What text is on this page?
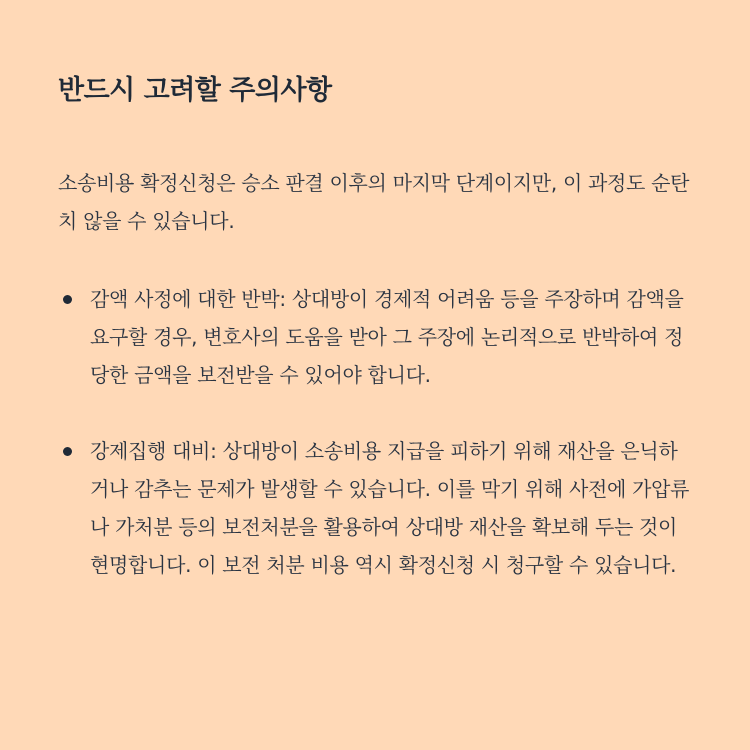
반드시 고려할 주의사항

소송비용 확정신청은 승소 판결 이후의 마지막 단계이지만, 이 과정도 순탄치 않을 수 있습니다.

감액 사정에 대한 반박: 상대방이 경제적 어려움 등을 주장하며 감액을 요구할 경우, 변호사의 도움을 받아 그 주장에 논리적으로 반박하여 정당한 금액을 보전받을 수 있어야 합니다.
강제집행 대비: 상대방이 소송비용 지급을 피하기 위해 재산을 은닉하거나 감추는 문제가 발생할 수 있습니다. 이를 막기 위해 사전에 가압류나 가처분 등의 보전처분을 활용하여 상대방 재산을 확보해 두는 것이 현명합니다. 이 보전 처분 비용 역시 확정신청 시 청구할 수 있습니다.
